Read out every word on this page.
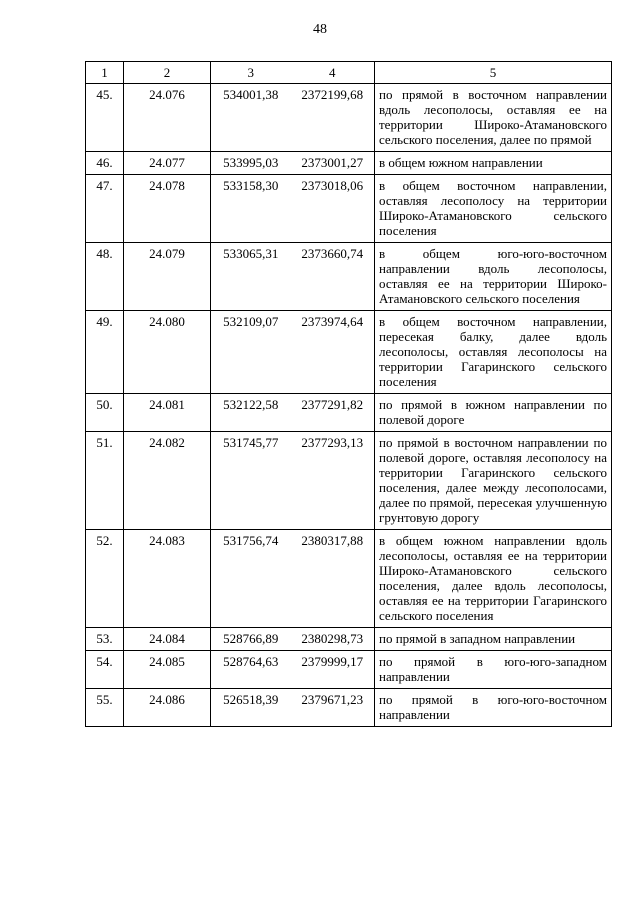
48
1	2	3	4	5
45.	24.076	534001,38	2372199,68	по прямой в восточном направлении вдоль лесополосы, оставляя ее на территории Широко-Атамановского сельского поселения, далее по прямой
46.	24.077	533995,03	2373001,27	в общем южном направлении
47.	24.078	533158,30	2373018,06	в общем восточном направлении, оставляя лесополосу на территории Широко-Атамановского сельского поселения
48.	24.079	533065,31	2373660,74	в общем юго-юго-восточном направлении вдоль лесополосы, оставляя ее на территории Широко-Атамановского сельского поселения
49.	24.080	532109,07	2373974,64	в общем восточном направлении, пересекая балку, далее вдоль лесополосы, оставляя лесополосы на территории Гагаринского сельского поселения
50.	24.081	532122,58	2377291,82	по прямой в южном направлении по полевой дороге
51.	24.082	531745,77	2377293,13	по прямой в восточном направлении по полевой дороге, оставляя лесополосу на территории Гагаринского сельского поселения, далее между лесополосами, далее по прямой, пересекая улучшенную грунтовую дорогу
52.	24.083	531756,74	2380317,88	в общем южном направлении вдоль лесополосы, оставляя ее на территории Широко-Атамановского сельского поселения, далее вдоль лесополосы, оставляя ее на территории Гагаринского сельского поселения
53.	24.084	528766,89	2380298,73	по прямой в западном направлении
54.	24.085	528764,63	2379999,17	по прямой в юго-юго-западном направлении
55.	24.086	526518,39	2379671,23	по прямой в юго-юго-восточном направлении
